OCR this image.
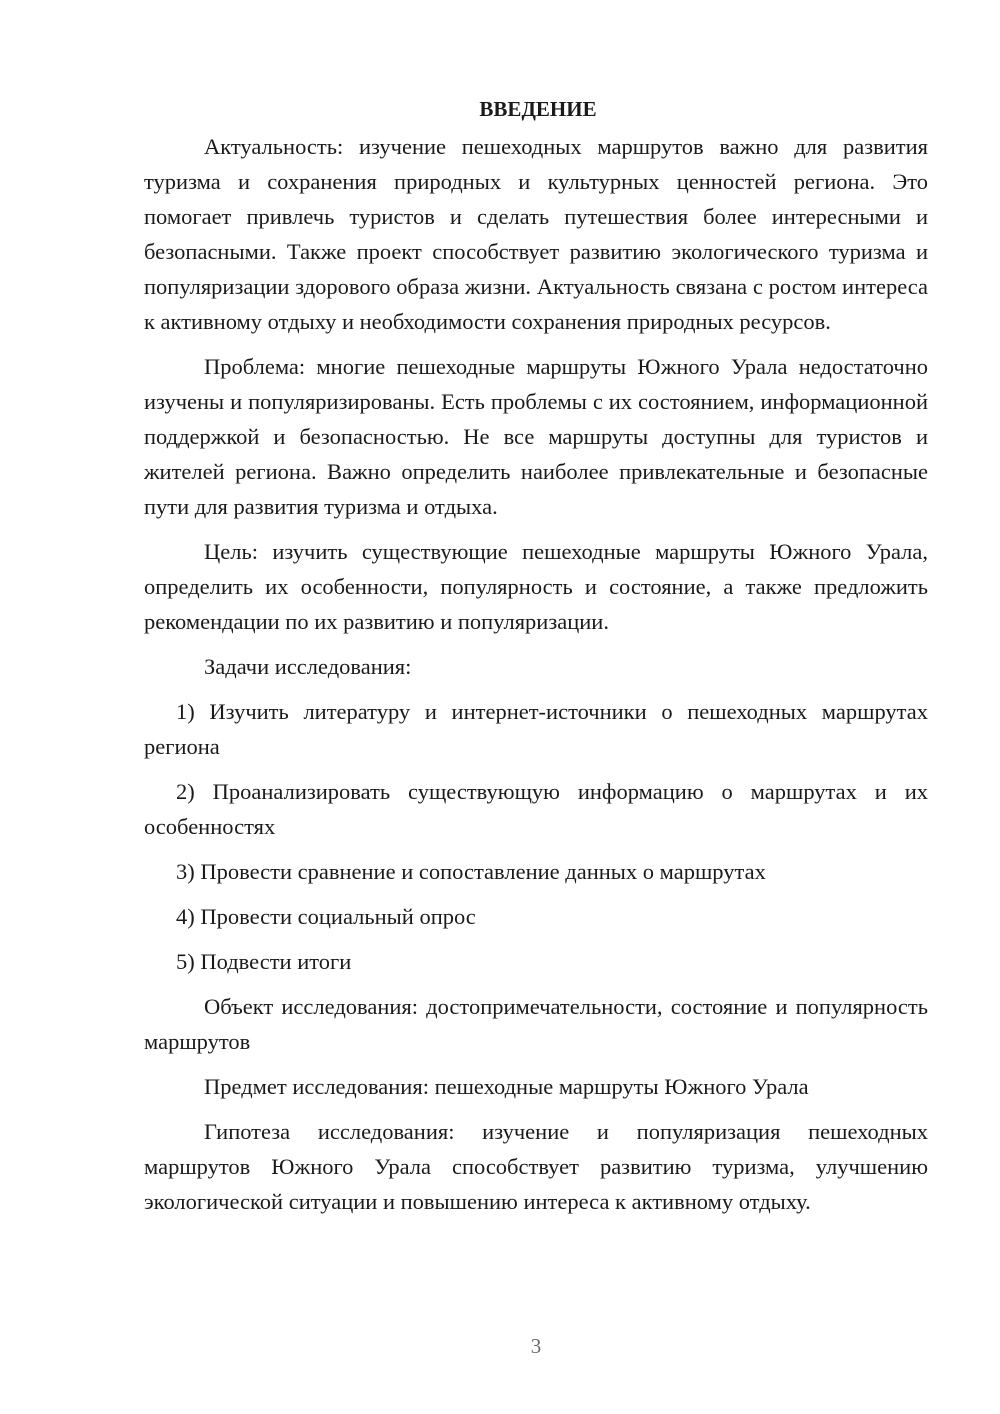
ВВЕДЕНИЕ

Актуальность: изучение пешеходных маршрутов важно для развития туризма и сохранения природных и культурных ценностей региона. Это помогает привлечь туристов и сделать путешествия более интересными и безопасными. Также проект способствует развитию экологического туризма и популяризации здорового образа жизни. Актуальность связана с ростом интереса к активному отдыху и необходимости сохранения природных ресурсов.

Проблема: многие пешеходные маршруты Южного Урала недостаточно изучены и популяризированы. Есть проблемы с их состоянием, информационной поддержкой и безопасностью. Не все маршруты доступны для туристов и жителей региона. Важно определить наиболее привлекательные и безопасные пути для развития туризма и отдыха.

Цель: изучить существующие пешеходные маршруты Южного Урала, определить их особенности, популярность и состояние, а также предложить рекомендации по их развитию и популяризации.

Задачи исследования:

1) Изучить литературу и интернет-источники о пешеходных маршрутах региона

2) Проанализировать существующую информацию о маршрутах и их особенностях

3) Провести сравнение и сопоставление данных о маршрутах

4) Провести социальный опрос

5) Подвести итоги

Объект исследования: достопримечательности, состояние и популярность маршрутов

Предмет исследования: пешеходные маршруты Южного Урала

Гипотеза исследования: изучение и популяризация пешеходных маршрутов Южного Урала способствует развитию туризма, улучшению экологической ситуации и повышению интереса к активному отдыху.

3
